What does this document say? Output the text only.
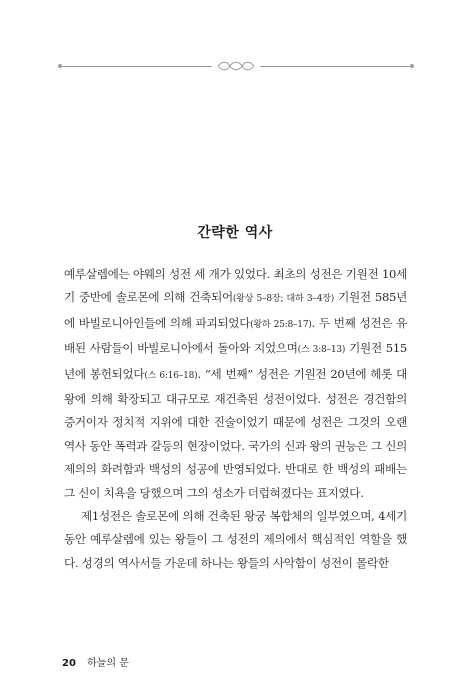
간략한 역사

예루살렘에는 야웨의 성전 세 개가 있었다. 최초의 성전은 기원전 10세기 중반에 솔로몬에 의해 건축되어(왕상 5–8장; 대하 3–4장) 기원전 585년에 바빌로니아인들에 의해 파괴되었다(왕하 25:8–17). 두 번째 성전은 유배된 사람들이 바빌로니아에서 돌아와 지었으며(스 3:8–13) 기원전 515년에 봉헌되었다(스 6:16–18). “세 번째” 성전은 기원전 20년에 헤롯 대왕에 의해 확장되고 대규모로 재건축된 성전이었다. 성전은 경건함의 증거이자 정치적 지위에 대한 진술이었기 때문에 성전은 그것의 오랜 역사 동안 폭력과 갈등의 현장이었다. 국가의 신과 왕의 권능은 그 신의 제의의 화려함과 백성의 성공에 반영되었다. 반대로 한 백성의 패배는 그 신이 치욕을 당했으며 그의 성소가 더럽혀졌다는 표지였다.

제1성전은 솔로몬에 의해 건축된 왕궁 복합체의 일부였으며, 4세기 동안 예루살렘에 있는 왕들이 그 성전의 제의에서 핵심적인 역할을 했다. 성경의 역사서들 가운데 하나는 왕들의 사악함이 성전이 몰락한

20 하늘의 문
